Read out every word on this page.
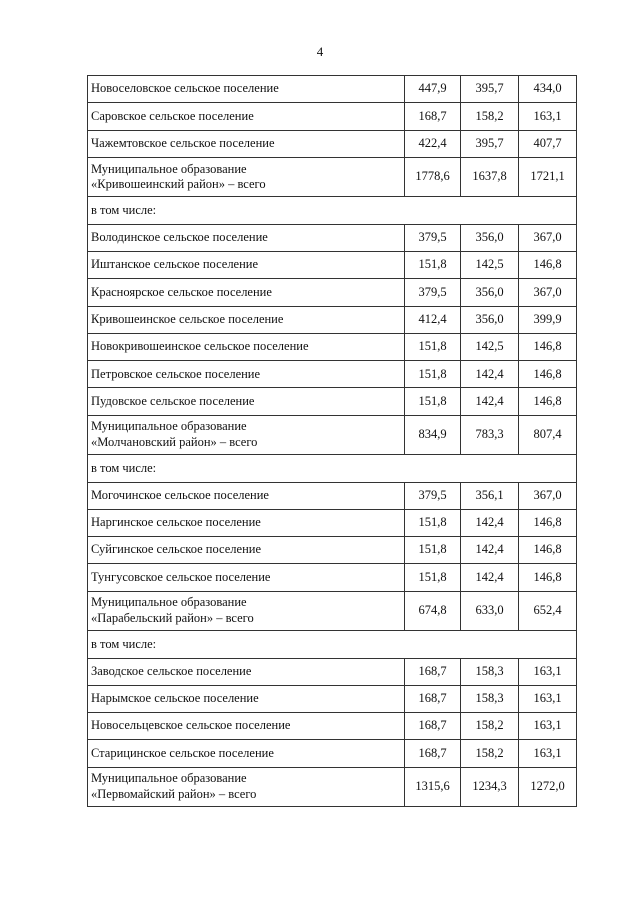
4
Новоселовское сельское поселение	447,9	395,7	434,0
Саровское сельское поселение	168,7	158,2	163,1
Чажемтовское сельское поселение	422,4	395,7	407,7
Муниципальное образование
«Кривошеинский район» – всего	1778,6	1637,8	1721,1
в том числе:			
Володинское сельское поселение	379,5	356,0	367,0
Иштанское сельское поселение	151,8	142,5	146,8
Красноярское сельское поселение	379,5	356,0	367,0
Кривошеинское сельское поселение	412,4	356,0	399,9
Новокривошеинское сельское поселение	151,8	142,5	146,8
Петровское сельское поселение	151,8	142,4	146,8
Пудовское сельское поселение	151,8	142,4	146,8
Муниципальное образование
«Молчановский район» – всего	834,9	783,3	807,4
в том числе:			
Могочинское сельское поселение	379,5	356,1	367,0
Наргинское сельское поселение	151,8	142,4	146,8
Суйгинское сельское поселение	151,8	142,4	146,8
Тунгусовское сельское поселение	151,8	142,4	146,8
Муниципальное образование
«Парабельский район» – всего	674,8	633,0	652,4
в том числе:			
Заводское сельское поселение	168,7	158,3	163,1
Нарымское сельское поселение	168,7	158,3	163,1
Новосельцевское сельское поселение	168,7	158,2	163,1
Старицинское сельское поселение	168,7	158,2	163,1
Муниципальное образование
«Первомайский район» – всего	1315,6	1234,3	1272,0
